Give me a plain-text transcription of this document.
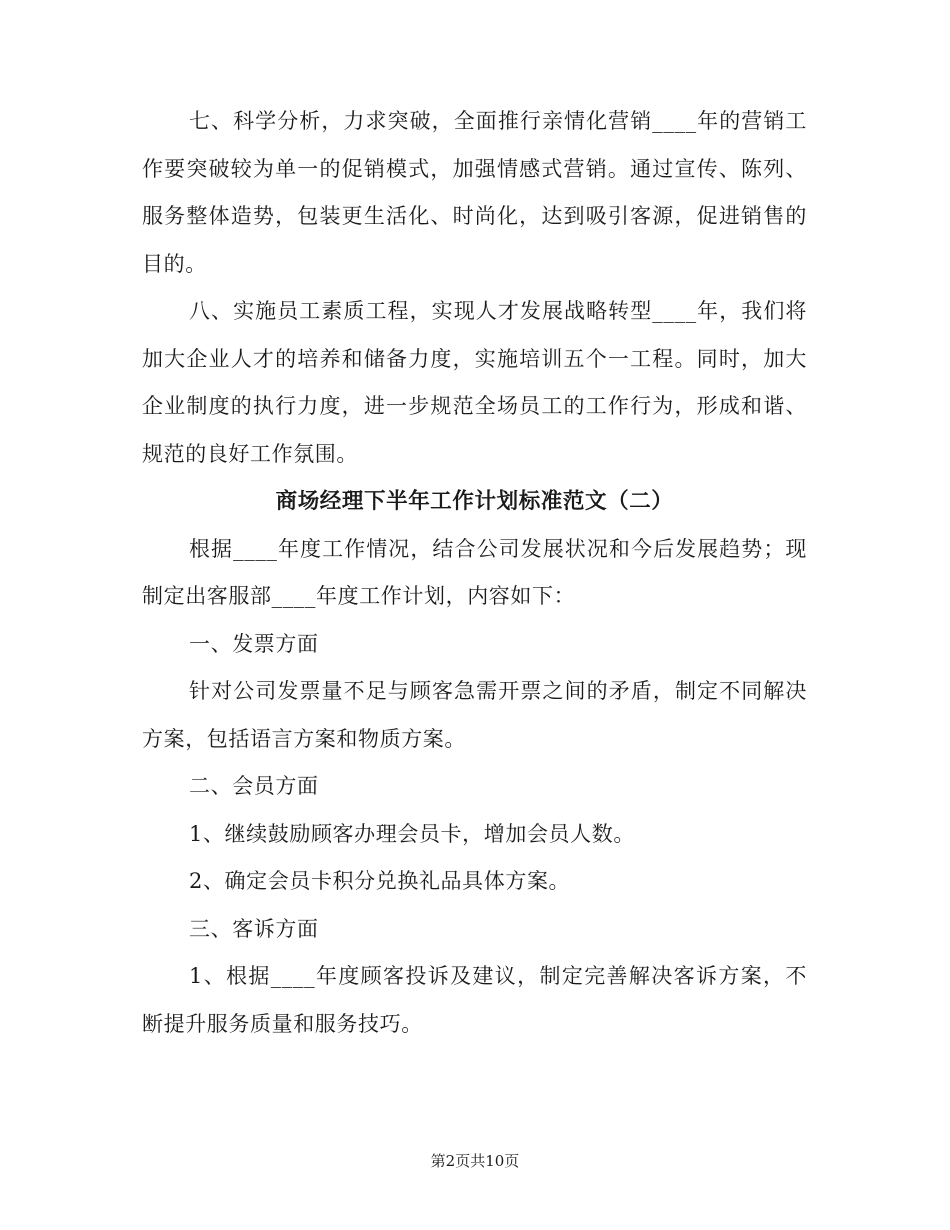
七、科学分析，力求突破，全面推行亲情化营销____年的营销工作要突破较为单一的促销模式，加强情感式营销。通过宣传、陈列、服务整体造势，包装更生活化、时尚化，达到吸引客源，促进销售的目的。

八、实施员工素质工程，实现人才发展战略转型____年，我们将加大企业人才的培养和储备力度，实施培训五个一工程。同时，加大企业制度的执行力度，进一步规范全场员工的工作行为，形成和谐、规范的良好工作氛围。

商场经理下半年工作计划标准范文（二）

根据____年度工作情况，结合公司发展状况和今后发展趋势；现制定出客服部____年度工作计划，内容如下：

一、发票方面

针对公司发票量不足与顾客急需开票之间的矛盾，制定不同解决方案，包括语言方案和物质方案。

二、会员方面

1、继续鼓励顾客办理会员卡，增加会员人数。

2、确定会员卡积分兑换礼品具体方案。

三、客诉方面

1、根据____年度顾客投诉及建议，制定完善解决客诉方案，不断提升服务质量和服务技巧。

第2页共10页
